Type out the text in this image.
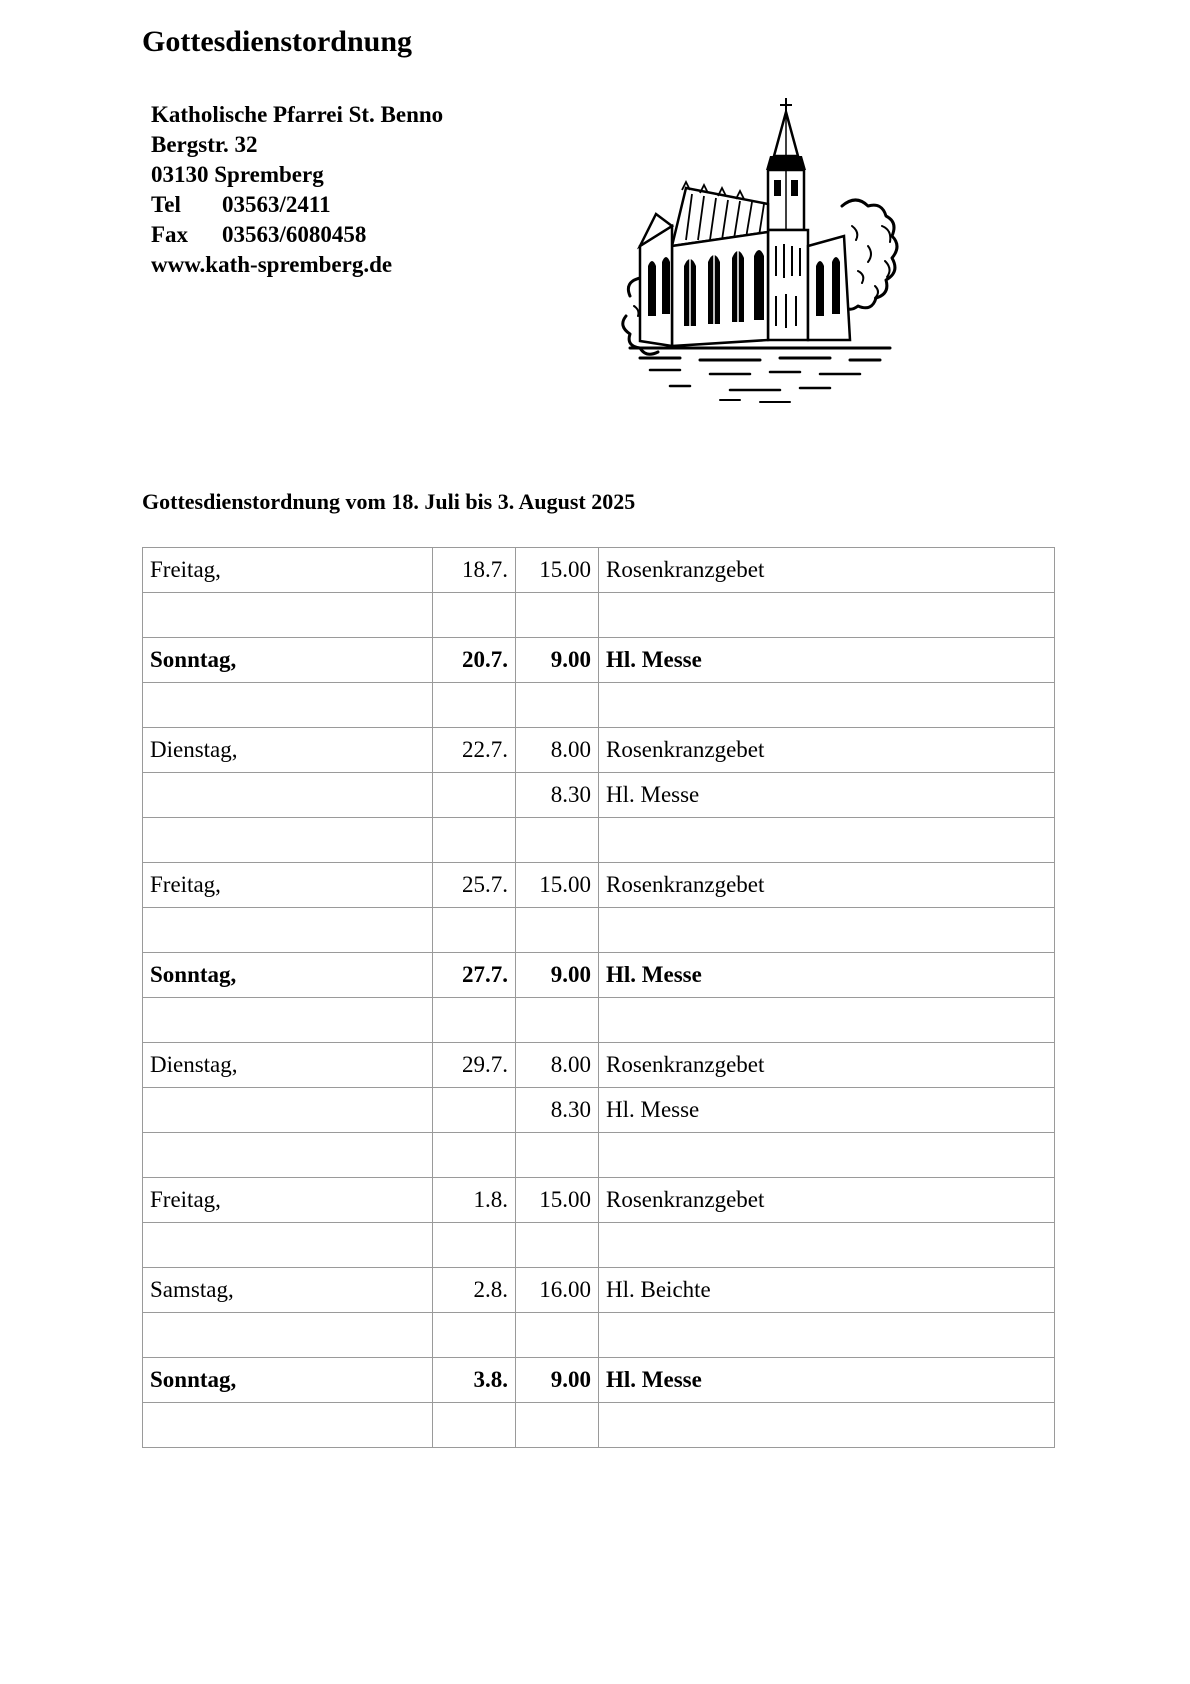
Gottesdienstordnung
Katholische Pfarrei St. Benno
Bergstr. 32
03130 Spremberg
Tel	03563/2411
Fax	03563/6080458
www.kath-spremberg.de
Gottesdienstordnung vom 18. Juli bis 3. August 2025
Freitag,	18.7.	15.00	Rosenkranzgebet

Sonntag,	20.7.	9.00	Hl. Messe

Dienstag,	22.7.	8.00	Rosenkranzgebet
		8.30	Hl. Messe

Freitag,	25.7.	15.00	Rosenkranzgebet

Sonntag,	27.7.	9.00	Hl. Messe

Dienstag,	29.7.	8.00	Rosenkranzgebet
		8.30	Hl. Messe

Freitag,	1.8.	15.00	Rosenkranzgebet

Samstag,	2.8.	16.00	Hl. Beichte

Sonntag,	3.8.	9.00	Hl. Messe
